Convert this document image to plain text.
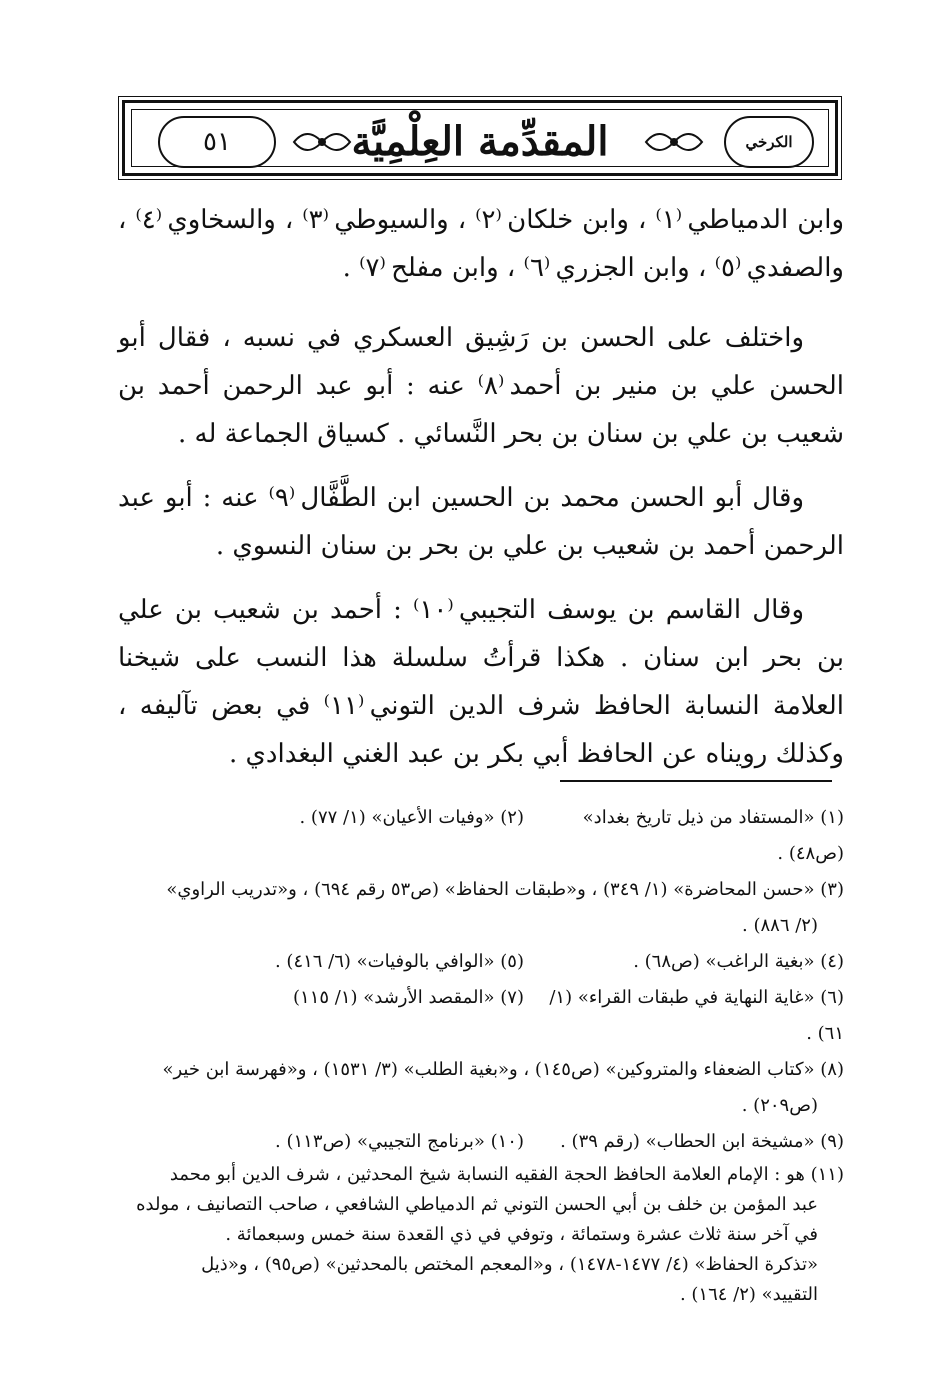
٥١	المقدِّمة العِلْمِيَّة	الكرخي

وابن الدمياطي ⁽١⁾ ، وابن خلكان ⁽٢⁾ ، والسيوطي ⁽٣⁾ ، والسخاوي ⁽٤⁾ ، والصفدي ⁽٥⁾ ، وابن الجزري ⁽٦⁾ ، وابن مفلح ⁽٧⁾ .

واختلف على الحسن بن رَشِيق العسكري في نسبه ، فقال أبو الحسن علي بن منير بن أحمد ⁽٨⁾ عنه : أبو عبد الرحمن أحمد بن شعيب بن علي بن سنان بن بحر النَّسائي . كسياق الجماعة له .

وقال أبو الحسن محمد بن الحسين ابن الطَّفَّال ⁽٩⁾ عنه : أبو عبد الرحمن أحمد بن شعيب بن علي بن بحر بن سنان النسوي .

وقال القاسم بن يوسف التجيبي ⁽١٠⁾ : أحمد بن شعيب بن علي بن بحر ابن سنان . هكذا قرأتُ سلسلة هذا النسب على شيخنا العلامة النسابة الحافظ شرف الدين التوني ⁽١١⁾ في بعض تآليفه ، وكذلك رويناه عن الحافظ أبي بكر بن عبد الغني البغدادي .

(١) «المستفاد من ذيل تاريخ بغداد» (ص٤٨) .
(٢) «وفيات الأعيان» (١/ ٧٧) .

(٣) «حسن المحاضرة» (١/ ٣٤٩) ، و«طبقات الحفاظ» (ص٥٣ رقم ٦٩٤) ، و«تدريب الراوي»

(٢/ ٨٨٦) .

(٤) «بغية الراغب» (ص٦٨) .
(٥) «الوافي بالوفيات» (٦/ ٤١٦) .
(٦) «غاية النهاية في طبقات القراء» (١/ ٦١) .
(٧) «المقصد الأرشد» (١/ ١١٥)

(٨) «كتاب الضعفاء والمتروكين» (ص١٤٥) ، و«بغية الطلب» (٣/ ١٥٣١) ، و«فهرسة ابن خير»

(ص٢٠٩) .

(٩) «مشيخة ابن الحطاب» (رقم ٣٩) .
(١٠) «برنامج التجيبي» (ص١١٣) .
(١١) هو : الإمام العلامة الحافظ الحجة الفقيه النسابة شيخ المحدثين ، شرف الدين أبو محمد
عبد المؤمن بن خلف بن أبي الحسن التوني ثم الدمياطي الشافعي ، صاحب التصانيف ، مولده
في آخر سنة ثلاث عشرة وستمائة ، وتوفي في ذي القعدة سنة خمس وسبعمائة .
«تذكرة الحفاظ» (٤/ ١٤٧٧-١٤٧٨) ، و«المعجم المختص بالمحدثين» (ص٩٥) ، و«ذيل
التقييد» (٢/ ١٦٤) .
